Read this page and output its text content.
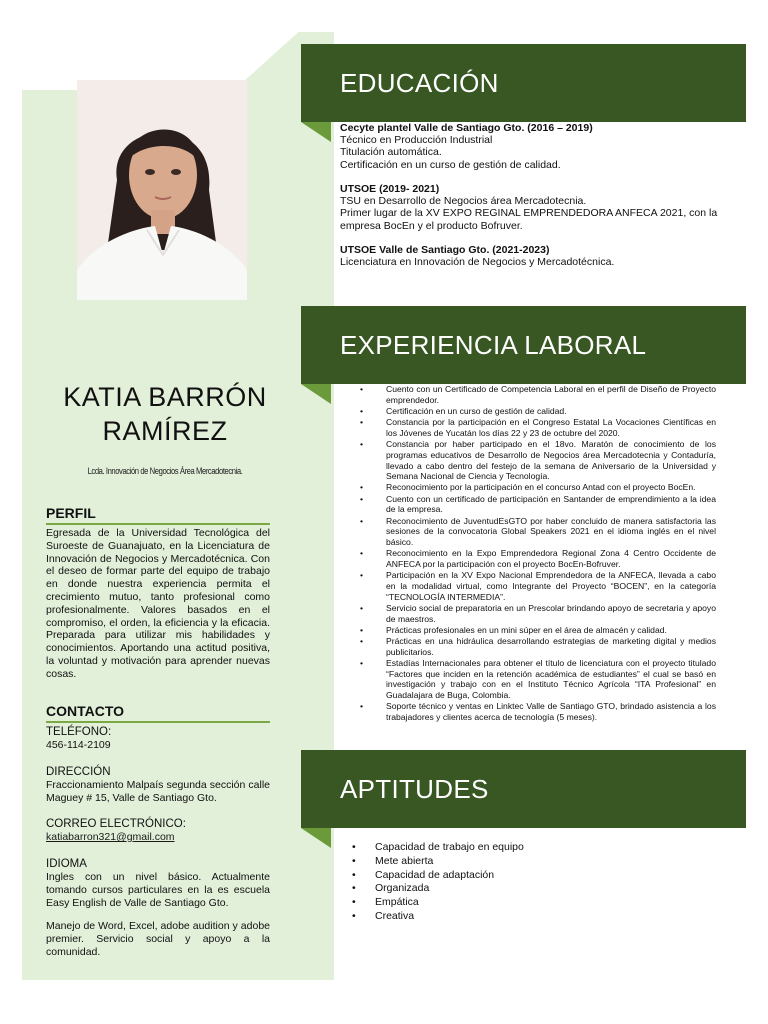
KATIA BARRÓN
RAMÍREZ
Lcda. Innovación de Negocios Área Mercadotecnia.
PERFIL
Egresada de la Universidad Tecnológica del Suroeste de Guanajuato, en la Licenciatura de Innovación de Negocios y Mercadotécnica. Con el deseo de formar parte del equipo de trabajo en donde nuestra experiencia permita el crecimiento mutuo, tanto profesional como profesionalmente. Valores basados en el compromiso, el orden, la eficiencia y la eficacia. Preparada para utilizar mis habilidades y conocimientos. Aportando una actitud positiva, la voluntad y motivación para aprender nuevas cosas.
CONTACTO
TELÉFONO:
456-114-2109
DIRECCIÓN
Fraccionamiento Malpaís segunda sección calle Maguey # 15, Valle de Santiago Gto.
CORREO ELECTRÓNICO:
katiabarron321@gmail.com
IDIOMA
Ingles con un nivel básico. Actualmente tomando cursos particulares en la es escuela Easy English de Valle de Santiago Gto.
Manejo de Word, Excel, adobe audition y adobe premier. Servicio social y apoyo a la comunidad.
EDUCACIÓN
Cecyte plantel Valle de Santiago Gto. (2016 – 2019)
Técnico en Producción Industrial
Titulación automática.
Certificación en un curso de gestión de calidad.
UTSOE (2019- 2021)
TSU en Desarrollo de Negocios área Mercadotecnia.
Primer lugar de la XV EXPO REGINAL EMPRENDEDORA ANFECA 2021, con la empresa BocEn y el producto Bofruver.
UTSOE Valle de Santiago Gto. (2021-2023)
Licenciatura en Innovación de Negocios y Mercadotécnica.
EXPERIENCIA LABORAL
• Cuento con un Certificado de Competencia Laboral en el perfil de Diseño de Proyecto emprendedor.
• Certificación en un curso de gestión de calidad.
• Constancia por la participación en el Congreso Estatal La Vocaciones Científicas en los Jóvenes de Yucatán los días 22 y 23 de octubre del 2020.
• Constancia por haber participado en el 18vo. Maratón de conocimiento de los programas educativos de Desarrollo de Negocios área Mercadotecnia y Contaduría, llevado a cabo dentro del festejo de la semana de Aniversario de la Universidad y Semana Nacional de Ciencia y Tecnología.
• Reconocimiento por la participación en el concurso Antad con el proyecto BocEn.
• Cuento con un certificado de participación en Santander de emprendimiento a la idea de la empresa.
• Reconocimiento de JuventudEsGTO por haber concluido de manera satisfactoria las sesiones de la convocatoria Global Speakers 2021 en el idioma inglés en el nivel básico.
• Reconocimiento en la Expo Emprendedora Regional Zona 4 Centro Occidente de ANFECA por la participación con el proyecto BocEn-Bofruver.
• Participación en la XV Expo Nacional Emprendedora de la ANFECA, llevada a cabo en la modalidad virtual, como Integrante del Proyecto “BOCEN”, en la categoría “TECNOLOGÍA INTERMEDIA”.
• Servicio social de preparatoria en un Prescolar brindando apoyo de secretaria y apoyo de maestros.
• Prácticas profesionales en un mini súper en el área de almacén y calidad.
• Prácticas en una hidráulica desarrollando estrategias de marketing digital y medios publicitarios.
• Estadías Internacionales para obtener el título de licenciatura con el proyecto titulado “Factores que inciden en la retención académica de estudiantes” el cual se basó en investigación y trabajo con en el Instituto Técnico Agrícola “ITA Profesional” en Guadalajara de Buga, Colombia.
• Soporte técnico y ventas en Linktec Valle de Santiago GTO, brindado asistencia a los trabajadores y clientes acerca de tecnología (5 meses).
APTITUDES
• Capacidad de trabajo en equipo
• Mete abierta
• Capacidad de adaptación
• Organizada
• Empática
• Creativa
